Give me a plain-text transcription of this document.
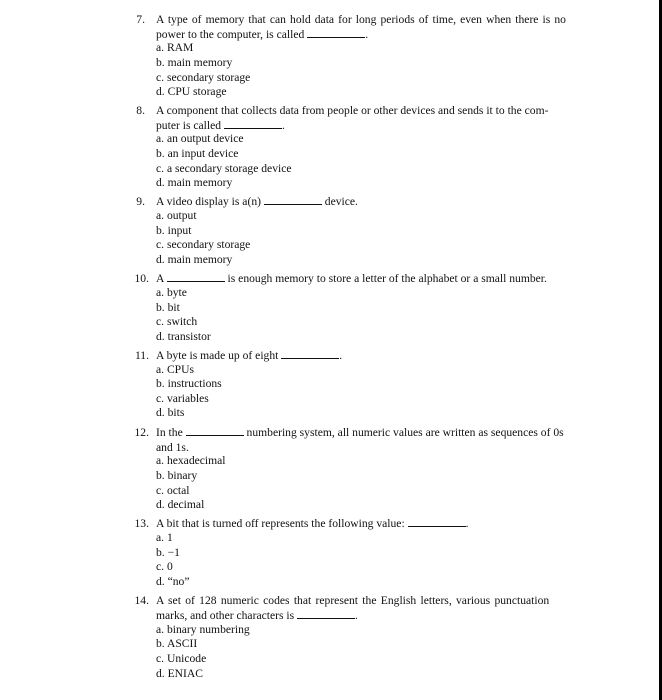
7. A type of memory that can hold data for long periods of time, even when there is no
power to the computer, is called	.
a. RAM
b. main memory
c. secondary storage
d. CPU storage
8. A component that collects data from people or other devices and sends it to the com-
puter is called	.
a. an output device
b. an input device
c. a secondary storage device
d. main memory
9. A video display is a(n)	device.
a. output
b. input
c. secondary storage
d. main memory
10. A	is enough memory to store a letter of the alphabet or a small number.
a. byte
b. bit
c. switch
d. transistor
11. A byte is made up of eight	.
a. CPUs
b. instructions
c. variables
d. bits
12. In the	numbering system, all numeric values are written as sequences of 0s
and 1s.
a. hexadecimal
b. binary
c. octal
d. decimal
13. A bit that is turned off represents the following value:	.
a. 1
b. −1
c. 0
d. “no”
14. A set of 128 numeric codes that represent the English letters, various punctuation
marks, and other characters is	.
a. binary numbering
b. ASCII
c. Unicode
d. ENIAC
